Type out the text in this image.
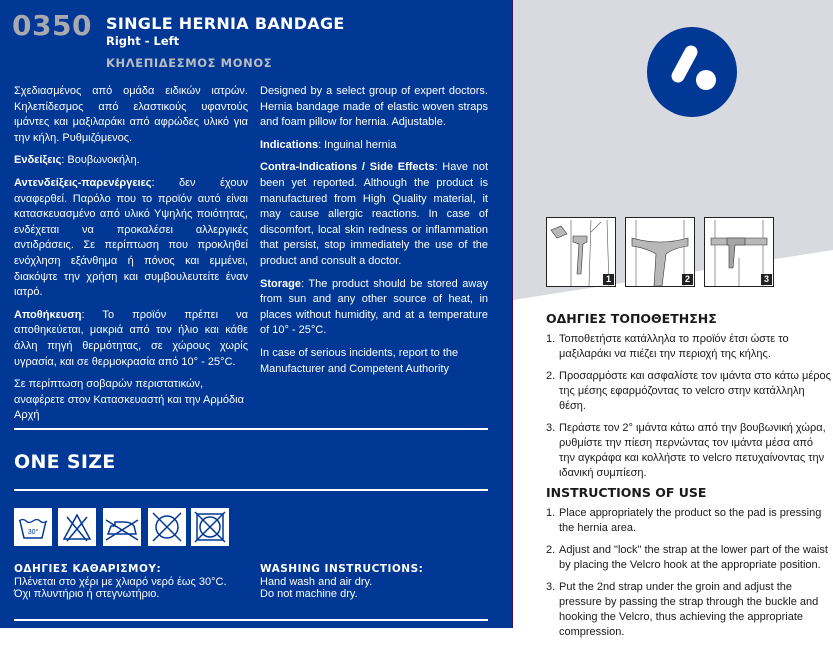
0350 SINGLE HERNIA BANDAGE
Right - Left
ΚΗΛΕΠΙΔΕΣΜΟΣ ΜΟΝΟΣ

Σχεδιασμένος από ομάδα ειδικών ιατρών. Κηλεπίδεσμος από ελαστικούς υφαντούς ιμάντες και μαξιλαράκι από αφρώδες υλικό για την κήλη. Ρυθμιζόμενος.

Ενδείξεις: Βουβωνοκήλη.

Αντενδείξεις-παρενέργειες: δεν έχουν αναφερθεί. Παρόλο που το προϊόν αυτό είναι κατασκευασμένο από υλικό Υψηλής ποιότητας, ενδέχεται να προκαλέσει αλλεργικές αντιδράσεις. Σε περίπτωση που προκληθεί ενόχληση εξάνθημα ή πόνος και εμμένει, διακόψτε την χρήση και συμβουλευτείτε έναν ιατρό.

Αποθήκευση: Το προϊόν πρέπει να αποθηκεύεται, μακριά από τον ήλιο και κάθε άλλη πηγή θερμότητας, σε χώρους χωρίς υγρασία, και σε θερμοκρασία από 10° - 25°C.

Σε περίπτωση σοβαρών περιστατικών, αναφέρετε στον Κατασκευαστή και την Αρμόδια Αρχή

Designed by a select group of expert doctors. Hernia bandage made of elastic woven straps and foam pillow for hernia. Adjustable.

Indications: Inguinal hernia

Contra-Indications / Side Effects: Have not been yet reported. Although the product is manufactured from High Quality material, it may cause allergic reactions. In case of discomfort, local skin redness or inflammation that persist, stop immediately the use of the product and consult a doctor.

Storage: The product should be stored away from sun and any other source of heat, in places without humidity, and at a temperature of 10° - 25°C.

In case of serious incidents, report to the Manufacturer and Competent Authority

ONE SIZE
30°
ΟΔΗΓΙΕΣ ΚΑΘΑΡΙΣΜΟΥ:
Πλένεται στο χέρι με χλιαρό νερό έως 30°C.
Όχι πλυντήριο ή στεγνωτήριο.
WASHING INSTRUCTIONS:
Hand wash and air dry.
Do not machine dry.
1	2	3
ΟΔΗΓΙΕΣ ΤΟΠΟΘΕΤΗΣΗΣ
1. Τοποθετήστε κατάλληλα το προϊόν έτσι ώστε το μαξιλαράκι να πιέζει την περιοχή της κήλης.
2. Προσαρμόστε και ασφαλίστε τον ιμάντα στο κάτω μέρος της μέσης εφαρμόζοντας το velcro στην κατάλληλη θέση.
3. Περάστε τον 2° ιμάντα κάτω από την βουβωνική χώρα, ρυθμίστε την πίεση περνώντας τον ιμάντα μέσα από την αγκράφα και κολλήστε το velcro πετυχαίνοντας την ιδανική συμπίεση.
INSTRUCTIONS OF USE
1. Place appropriately the product so the pad is pressing the hernia area.
2. Adjust and "lock" the strap at the lower part of the waist by placing the Velcro hook at the appropriate position.
3. Put the 2nd strap under the groin and adjust the pressure by passing the strap through the buckle and hooking the Velcro, thus achieving the appropriate compression.
